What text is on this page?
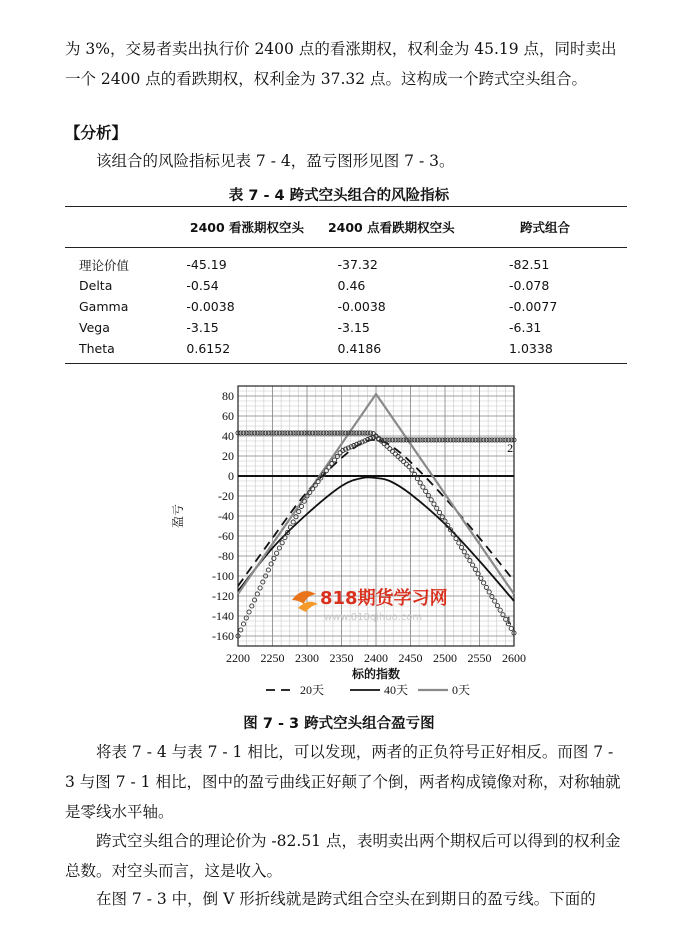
为 3%，交易者卖出执行价 2400 点的看涨期权，权利金为 45.19 点，同时卖出一个 2400 点的看跌期权，权利金为 37.32 点。这构成一个跨式空头组合。

【分析】

该组合的风险指标见表 7 - 4，盈亏图形见图 7 - 3。

表 7 - 4 跨式空头组合的风险指标
	2400 看涨期权空头	2400 点看跌期权空头	跨式组合
理论价值	-45.19	-37.32	-82.51
Delta	-0.54	0.46	-0.078
Gamma	-0.0038	-0.0038	-0.0077
Vega	-3.15	-3.15	-6.31
Theta	0.6152	0.4186	1.0338
80
60
40
20
0
-20
-40
-60
-80
-100
-120
-140
-160
2200 2250 2300 2350 2400 2450 2500 2550 2600
标的指数
盈亏
1
2
20天	40天	0天
818期货学习网
www.818qihuo.com
图 7 - 3 跨式空头组合盈亏图

将表 7 - 4 与表 7 - 1 相比，可以发现，两者的正负符号正好相反。而图 7 - 3 与图 7 - 1 相比，图中的盈亏曲线正好颠了个倒，两者构成镜像对称，对称轴就是零线水平轴。

跨式空头组合的理论价为 -82.51 点，表明卖出两个期权后可以得到的权利金总数。对空头而言，这是收入。

在图 7 - 3 中，倒 V 形折线就是跨式组合空头在到期日的盈亏线。下面的
